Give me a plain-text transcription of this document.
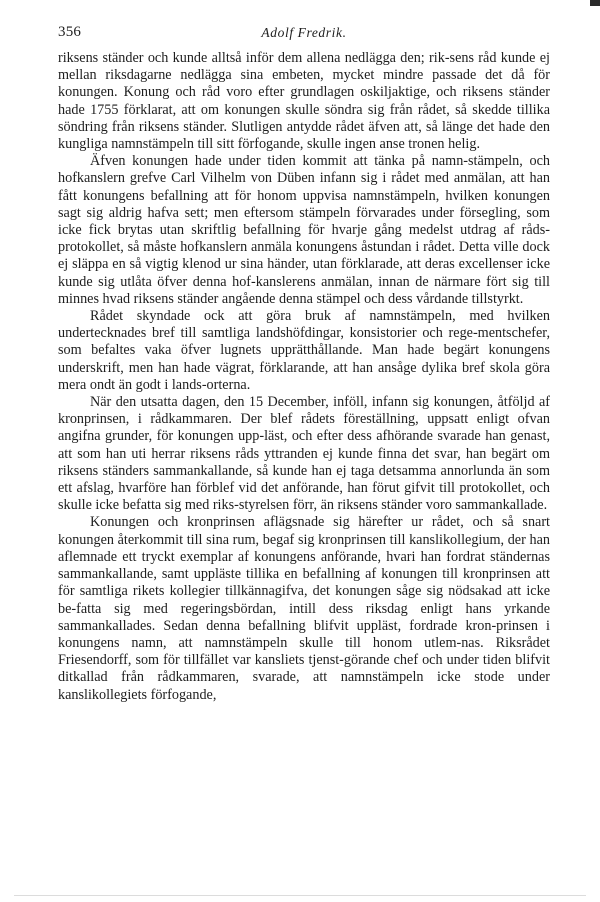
356	Adolf Fredrik.

riksens ständer och kunde alltså inför dem allena nedlägga den; rik-sens råd kunde ej mellan riksdagarne nedlägga sina embeten, mycket mindre passade det då för konungen. Konung och råd voro efter grundlagen oskiljaktige, och riksens ständer hade 1755 förklarat, att om konungen skulle söndra sig från rådet, så skedde tillika söndring från riksens ständer. Slutligen antydde rådet äfven att, så länge det hade den kungliga namnstämpeln till sitt förfogande, skulle ingen anse tronen helig.

Äfven konungen hade under tiden kommit att tänka på namn-stämpeln, och hofkanslern grefve Carl Vilhelm von Düben infann sig i rådet med anmälan, att han fått konungens befallning att för honom uppvisa namnstämpeln, hvilken konungen sagt sig aldrig hafva sett; men eftersom stämpeln förvarades under försegling, som icke fick brytas utan skriftlig befallning för hvarje gång medelst utdrag af råds-protokollet, så måste hofkanslern anmäla konungens åstundan i rådet. Detta ville dock ej släppa en så vigtig klenod ur sina händer, utan förklarade, att deras excellenser icke kunde sig utlåta öfver denna hof-kanslerens anmälan, innan de närmare fört sig till minnes hvad riksens ständer angående denna stämpel och dess vårdande tillstyrkt.

Rådet skyndade ock att göra bruk af namnstämpeln, med hvilken undertecknades bref till samtliga landshöfdingar, konsistorier och rege-mentschefer, som befaltes vaka öfver lugnets upprätthållande. Man hade begärt konungens underskrift, men han hade vägrat, förklarande, att han ansåge dylika bref skola göra mera ondt än godt i lands-orterna.

När den utsatta dagen, den 15 December, inföll, infann sig konungen, åtföljd af kronprinsen, i rådkammaren. Der blef rådets föreställning, uppsatt enligt ofvan angifna grunder, för konungen upp-läst, och efter dess afhörande svarade han genast, att som han uti herrar riksens råds yttranden ej kunde finna det svar, han begärt om riksens ständers sammankallande, så kunde han ej taga detsamma annorlunda än som ett afslag, hvarföre han förblef vid det anförande, han förut gifvit till protokollet, och skulle icke befatta sig med riks-styrelsen förr, än riksens ständer voro sammankallade.

Konungen och kronprinsen aflägsnade sig härefter ur rådet, och så snart konungen återkommit till sina rum, begaf sig kronprinsen till kanslikollegium, der han aflemnade ett tryckt exemplar af konungens anförande, hvari han fordrat ständernas sammankallande, samt uppläste tillika en befallning af konungen till kronprinsen att för samtliga rikets kollegier tillkännagifva, det konungen såge sig nödsakad att icke be-fatta sig med regeringsbördan, intill dess riksdag enligt hans yrkande sammankallades. Sedan denna befallning blifvit uppläst, fordrade kron-prinsen i konungens namn, att namnstämpeln skulle till honom utlem-nas. Riksrådet Friesendorff, som för tillfället var kansliets tjenst-görande chef och under tiden blifvit ditkallad från rådkammaren, svarade, att namnstämpeln icke stode under kanslikollegiets förfogande,
